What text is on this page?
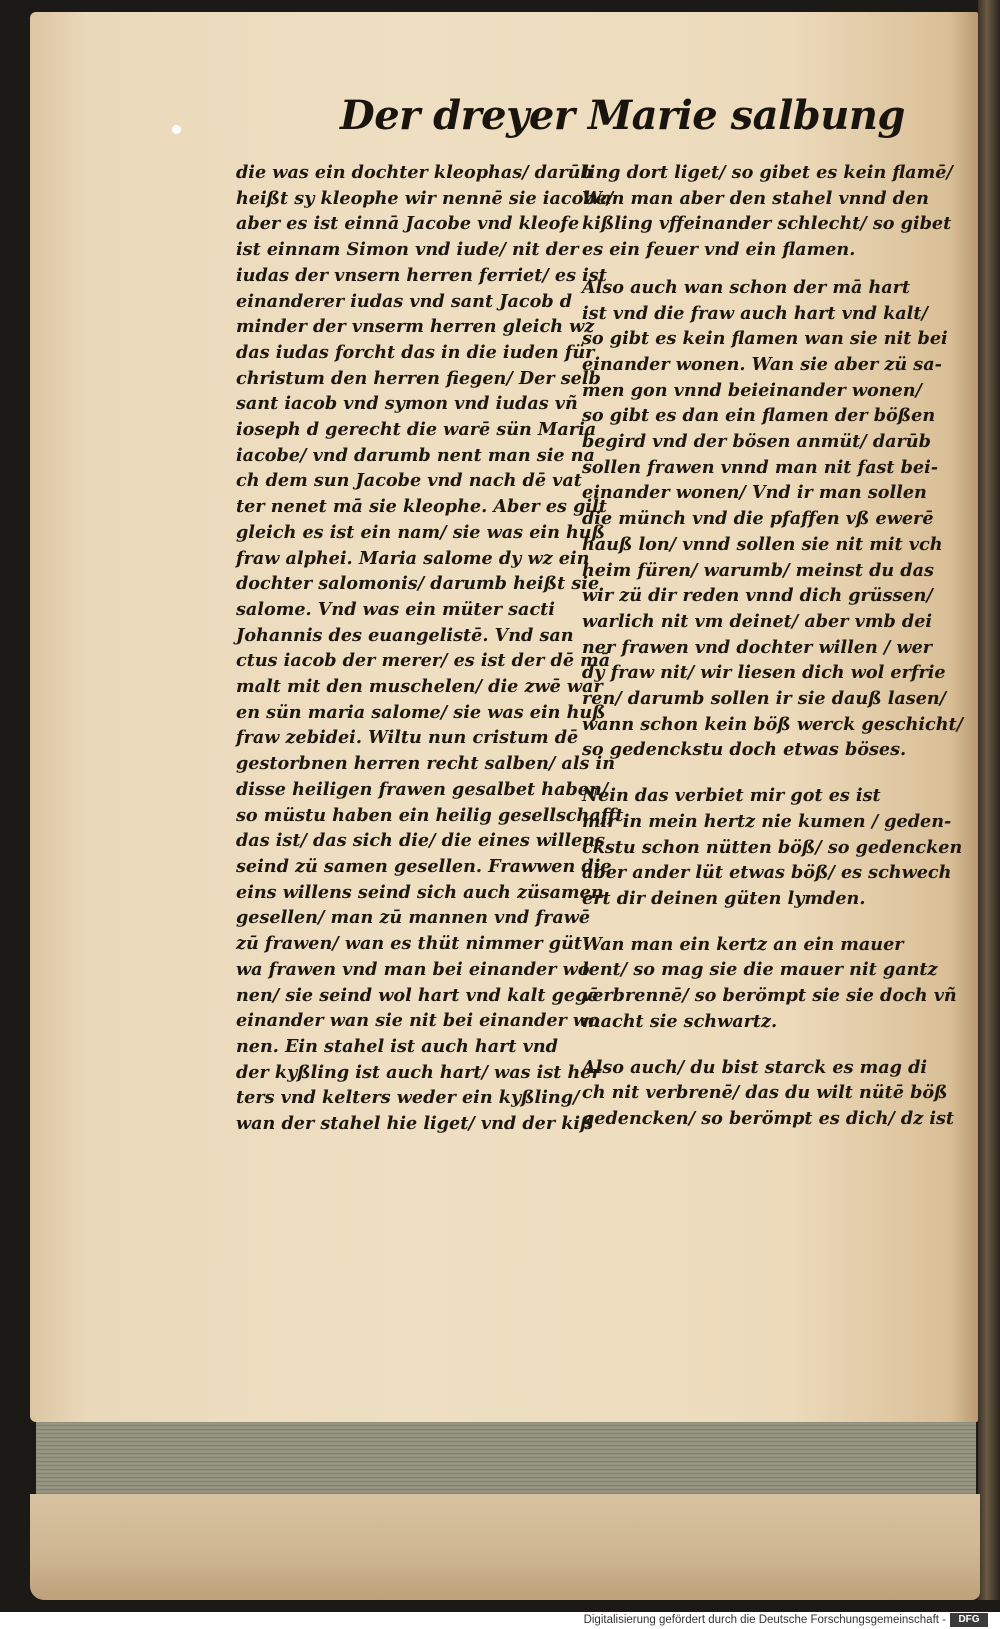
Der dreyer Marie salbung
die was ein dochter kleophas/ darūb
heißt sy kleophe wir nennē sie iacobe/
aber es ist einnā Jacobe vnd kleofe
ist einnam Simon vnd iude/ nit der
iudas der vnsern herren ferriet/ es ist
einanderer iudas vnd sant Jacob d
minder der vnserm herren gleich wz
das iudas forcht das in die iuden für
christum den herren fiegen/ Der selb
sant iacob vnd symon vnd iudas vñ
ioseph d gerecht die warē sün Maria
iacobe/ vnd darumb nent man sie na
ch dem sun Jacobe vnd nach dē vat
ter nenet mā sie kleophe. Aber es gilt
gleich es ist ein nam/ sie was ein huß
fraw alphei. Maria salome dy wz ein
dochter salomonis/ darumb heißt sie
salome. Vnd was ein müter sacti
Johannis des euangelistē. Vnd san
ctus iacob der merer/ es ist der dē mā
malt mit den muschelen/ die zwē war
en sün maria salome/ sie was ein huß
fraw zebidei. Wiltu nun cristum dē
gestorbnen herren recht salben/ als in
disse heiligen frawen gesalbet haben/
so müstu haben ein heilig gesellschafft
das ist/ das sich die/ die eines willens
seind zü samen gesellen. Frawwen die
eins willens seind sich auch züsamen
gesellen/ man zū mannen vnd frawē
zū frawen/ wan es thüt nimmer güt
wa frawen vnd man bei einander wo
nen/ sie seind wol hart vnd kalt gegē
einander wan sie nit bei einander wo
nen. Ein stahel ist auch hart vnd
der kyßling ist auch hart/ was ist her
ters vnd kelters weder ein kyßling/
wan der stahel hie liget/ vnd der kiß
ling dort liget/ so gibet es kein flamē/
Wan man aber den stahel vnnd den
kißling vffeinander schlecht/ so gibet
es ein feuer vnd ein flamen.
Also auch wan schon der mā hart
ist vnd die fraw auch hart vnd kalt/
so gibt es kein flamen wan sie nit bei
einander wonen. Wan sie aber zü sa-
men gon vnnd beieinander wonen/
so gibt es dan ein flamen der bößen
begird vnd der bösen anmüt/ darūb
sollen frawen vnnd man nit fast bei-
einander wonen/ Vnd ir man sollen
die münch vnd die pfaffen vß ewerē
hauß lon/ vnnd sollen sie nit mit vch
heim füren/ warumb/ meinst du das
wir zü dir reden vnnd dich grüssen/
warlich nit vm deinet/ aber vmb dei
ner frawen vnd dochter willen / wer
dy fraw nit/ wir liesen dich wol erfrie
ren/ darumb sollen ir sie dauß lasen/
wann schon kein böß werck geschicht/
so gedenckstu doch etwas böses.
Nein das verbiet mir got es ist
mir in mein hertz nie kumen / geden-
ckstu schon nütten böß/ so gedencken
aber ander lüt etwas böß/ es schwech
ert dir deinen güten lymden.
Wan man ein kertz an ein mauer
lent/ so mag sie die mauer nit gantz
verbrennē/ so berömpt sie sie doch vñ
macht sie schwartz.
Also auch/ du bist starck es mag di
ch nit verbrenē/ das du wilt nütē böß
gedencken/ so berömpt es dich/ dz ist
Digitalisierung gefördert durch die Deutsche Forschungsgemeinschaft -	DFG
